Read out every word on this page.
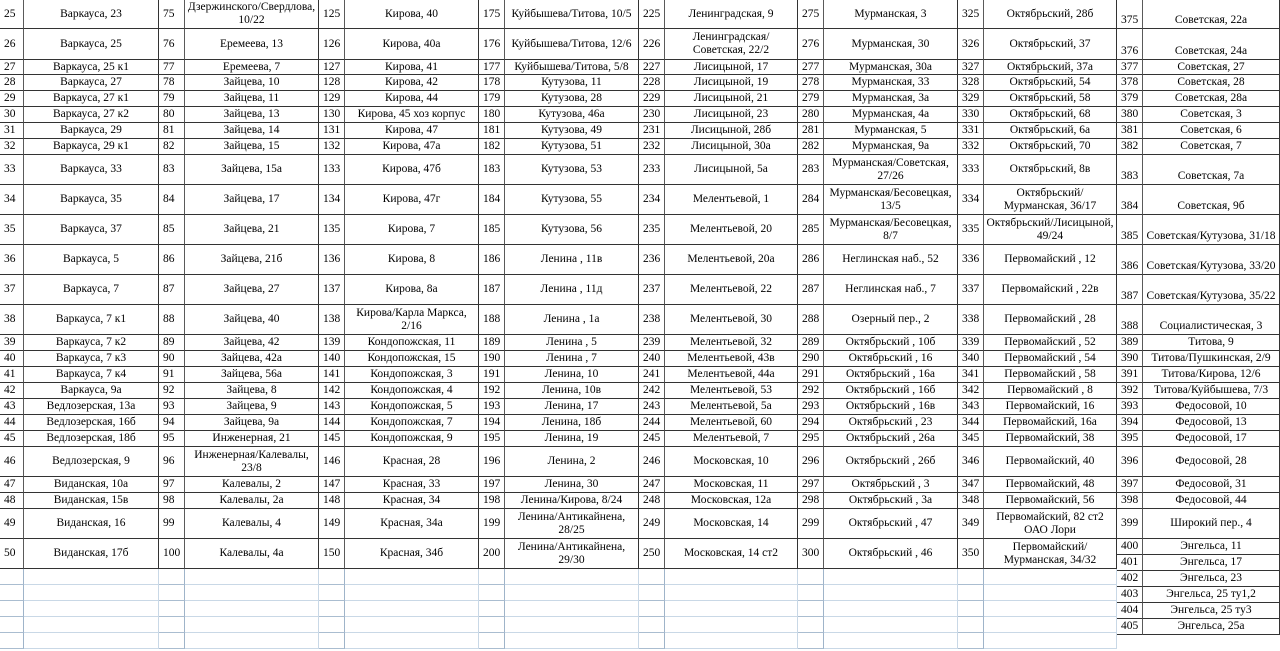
25
26
27
28
29
30
31
32
33
34
35
36
37
38
39
40
41
42
43
44
45
46
47
48
49
50
Варкауса, 23
Варкауса, 25
Варкауса, 25 к1
Варкауса, 27
Варкауса, 27 к1
Варкауса, 27 к2
Варкауса, 29
Варкауса, 29 к1
Варкауса, 33
Варкауса, 35
Варкауса, 37
Варкауса, 5
Варкауса, 7
Варкауса, 7 к1
Варкауса, 7 к2
Варкауса, 7 к3
Варкауса, 7 к4
Варкауса, 9а
Ведлозерская, 13а
Ведлозерская, 16б
Ведлозерская, 18б
Ведлозерская, 9
Виданская, 10а
Виданская, 15в
Виданская, 16
Виданская, 17б
75
76
77
78
79
80
81
82
83
84
85
86
87
88
89
90
91
92
93
94
95
96
97
98
99
100
Дзержинского/Свердлова, 10/22
Еремеева, 13
Еремеева, 7
Зайцева, 10
Зайцева, 11
Зайцева, 13
Зайцева, 14
Зайцева, 15
Зайцева, 15а
Зайцева, 17
Зайцева, 21
Зайцева, 21б
Зайцева, 27
Зайцева, 40
Зайцева, 42
Зайцева, 42а
Зайцева, 56а
Зайцева, 8
Зайцева, 9
Зайцева, 9а
Инженерная, 21
Инженерная/Калевалы, 23/8
Калевалы, 2
Калевалы, 2а
Калевалы, 4
Калевалы, 4а
125
126
127
128
129
130
131
132
133
134
135
136
137
138
139
140
141
142
143
144
145
146
147
148
149
150
Кирова, 40
Кирова, 40а
Кирова, 41
Кирова, 42
Кирова, 44
Кирова, 45 хоз корпус
Кирова, 47
Кирова, 47а
Кирова, 47б
Кирова, 47г
Кирова, 7
Кирова, 8
Кирова, 8а
Кирова/Карла Маркса, 2/16
Кондопожская, 11
Кондопожская, 15
Кондопожская, 3
Кондопожская, 4
Кондопожская, 5
Кондопожская, 7
Кондопожская, 9
Красная, 28
Красная, 33
Красная, 34
Красная, 34а
Красная, 34б
175
176
177
178
179
180
181
182
183
184
185
186
187
188
189
190
191
192
193
194
195
196
197
198
199
200
Куйбышева/Титова, 10/5
Куйбышева/Титова, 12/6
Куйбышева/Титова, 5/8
Кутузова, 11
Кутузова, 28
Кутузова, 46а
Кутузова, 49
Кутузова, 51
Кутузова, 53
Кутузова, 55
Кутузова, 56
Ленина , 11в
Ленина , 11д
Ленина , 1а
Ленина , 5
Ленина , 7
Ленина, 10
Ленина, 10в
Ленина, 17
Ленина, 18б
Ленина, 19
Ленина, 2
Ленина, 30
Ленина/Кирова, 8/24
Ленина/Антикайнена, 28/25
Ленина/Антикайнена, 29/30
225
226
227
228
229
230
231
232
233
234
235
236
237
238
239
240
241
242
243
244
245
246
247
248
249
250
Ленинградская, 9
Ленинградская/Советская, 22/2
Лисицыной, 17
Лисицыной, 19
Лисицыной, 21
Лисицыной, 23
Лисицыной, 28б
Лисицыной, 30а
Лисицыной, 5а
Мелентьевой, 1
Мелентьевой, 20
Мелентьевой, 20а
Мелентьевой, 22
Мелентьевой, 30
Мелентьевой, 32
Мелентьевой, 43в
Мелентьевой, 44а
Мелентьевой, 53
Мелентьевой, 5а
Мелентьевой, 60
Мелентьевой, 7
Московская, 10
Московская, 11
Московская, 12а
Московская, 14
Московская, 14 ст2
275
276
277
278
279
280
281
282
283
284
285
286
287
288
289
290
291
292
293
294
295
296
297
298
299
300
Мурманская, 3
Мурманская, 30
Мурманская, 30а
Мурманская, 33
Мурманская, 3а
Мурманская, 4а
Мурманская, 5
Мурманская, 9а
Мурманская/Советская, 27/26
Мурманская/Бесовецкая, 13/5
Мурманская/Бесовецкая, 8/7
Неглинская наб., 52
Неглинская наб., 7
Озерный пер., 2
Октябрьский , 10б
Октябрьский , 16
Октябрьский , 16а
Октябрьский , 16б
Октябрьский , 16в
Октябрьский , 23
Октябрьский , 26а
Октябрьский , 26б
Октябрьский , 3
Октябрьский , 3а
Октябрьский , 47
Октябрьский , 46
325
326
327
328
329
330
331
332
333
334
335
336
337
338
339
340
341
342
343
344
345
346
347
348
349
350
Октябрьский, 28б
Октябрьский, 37
Октябрьский, 37а
Октябрьский, 54
Октябрьский, 58
Октябрьский, 68
Октябрьский, 6а
Октябрьский, 70
Октябрьский, 8в
Октябрьский/Мурманская, 36/17
Октябрьский/Лисицыной, 49/24
Первомайский , 12
Первомайский , 22в
Первомайский , 28
Первомайский , 52
Первомайский , 54
Первомайский , 58
Первомайский , 8
Первомайский, 16
Первомайский, 16а
Первомайский, 38
Первомайский, 40
Первомайский, 48
Первомайский, 56
Первомайский, 82 ст2 ОАО Лори
Первомайский/Мурманская, 34/32
375
376
377
378
379
380
381
382
383
384
385
386
387
388
389
390
391
392
393
394
395
396
397
398
399
400
401
402
403
404
405
Советская, 22а
Советская, 24а
Советская, 27
Советская, 28
Советская, 28а
Советская, 3
Советская, 6
Советская, 7
Советская, 7а
Советская, 9б
Советская/Кутузова, 31/18
Советская/Кутузова, 33/20
Советская/Кутузова, 35/22
Социалистическая, 3
Титова, 9
Титова/Пушкинская, 2/9
Титова/Кирова, 12/6
Титова/Куйбышева, 7/3
Федосовой, 10
Федосовой, 13
Федосовой, 17
Федосовой, 28
Федосовой, 31
Федосовой, 44
Широкий пер., 4
Энгельса, 11
Энгельса, 17
Энгельса, 23
Энгельса, 25 ту1,2
Энгельса, 25 ту3
Энгельса, 25а
